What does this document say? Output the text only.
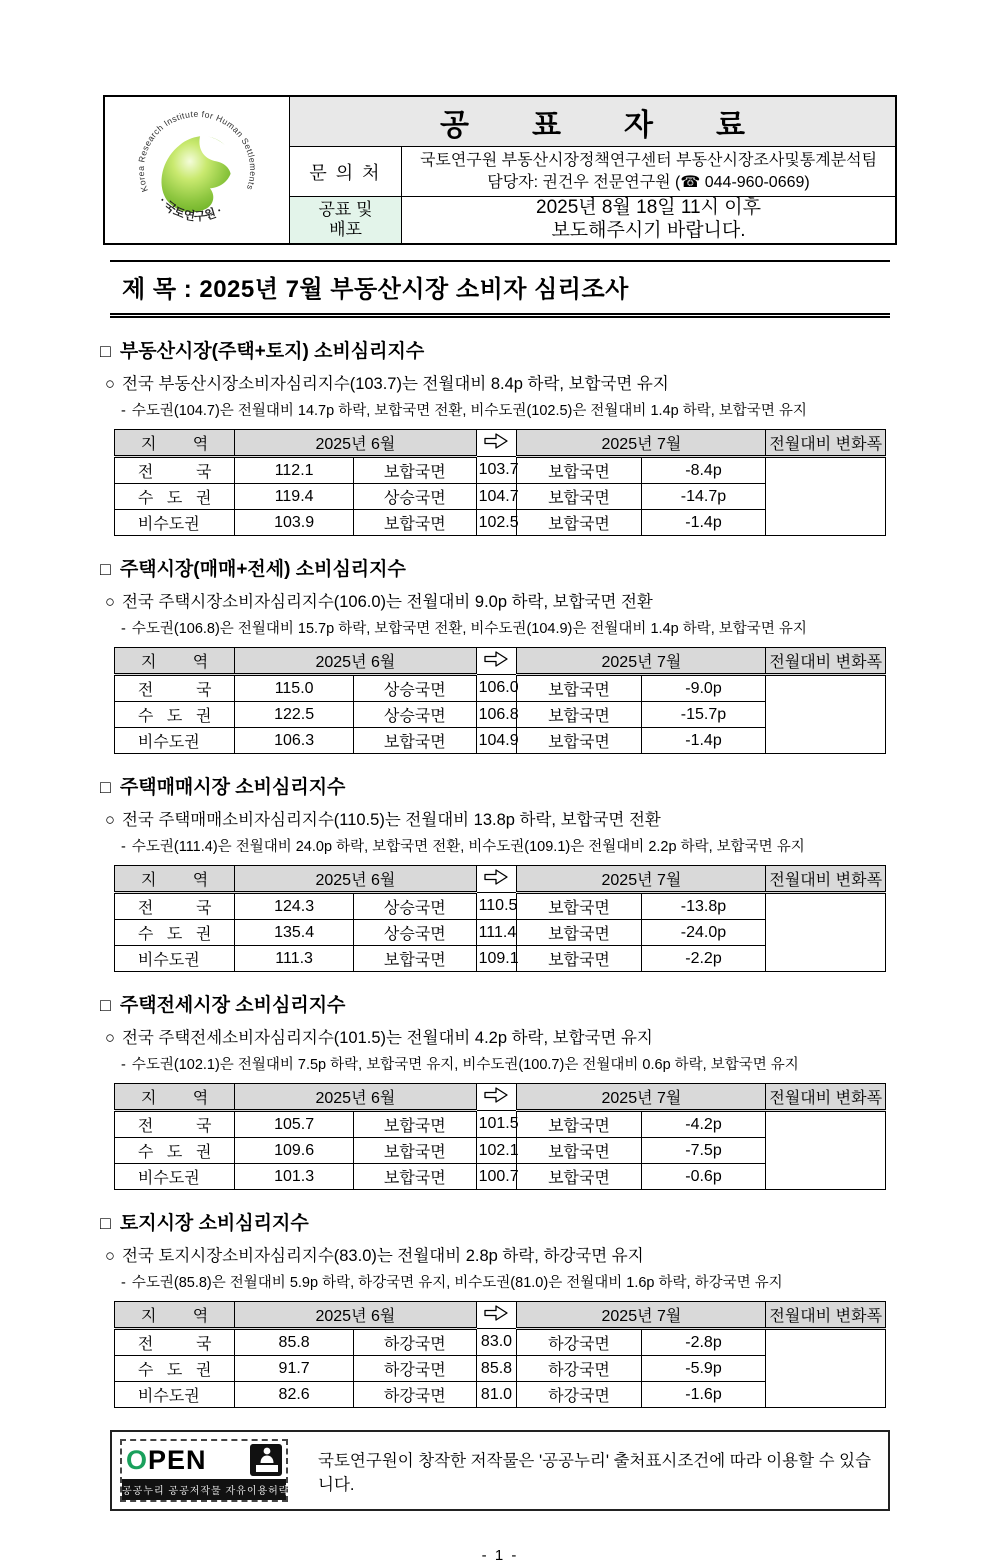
Korea Research Institute for Human Settlements
· 국토연구원 ·
공표자료
문 의 처
국토연구원 부동산시장정책연구센터 부동산시장조사및통계분석팀
담당자: 권건우 전문연구원 (☎ 044-960-0669)
공표 및
배포
2025년 8월 18일 11시 이후
보도해주시기 바랍니다.
제 목 : 2025년 7월 부동산시장 소비자 심리조사
□ 부동산시장(주택+토지) 소비심리지수
○ 전국 부동산시장소비자심리지수(103.7)는 전월대비 8.4p 하락, 보합국면 유지
- 수도권(104.7)은 전월대비 14.7p 하락, 보합국면 전환, 비수도권(102.5)은 전월대비 1.4p 하락, 보합국면 유지
지 역	2025년 6월			2025년 7월		전월대비 변화폭
전 국	112.1	보합국면	103.7	보합국면	-8.4p	
수 도 권	119.4	상승국면	104.7	보합국면	-14.7p	
비수도권	103.9	보합국면	102.5	보합국면	-1.4p	
□ 주택시장(매매+전세) 소비심리지수
○ 전국 주택시장소비자심리지수(106.0)는 전월대비 9.0p 하락, 보합국면 전환
- 수도권(106.8)은 전월대비 15.7p 하락, 보합국면 전환, 비수도권(104.9)은 전월대비 1.4p 하락, 보합국면 유지
지 역	2025년 6월			2025년 7월		전월대비 변화폭
전 국	115.0	상승국면	106.0	보합국면	-9.0p	
수 도 권	122.5	상승국면	106.8	보합국면	-15.7p	
비수도권	106.3	보합국면	104.9	보합국면	-1.4p	
□ 주택매매시장 소비심리지수
○ 전국 주택매매소비자심리지수(110.5)는 전월대비 13.8p 하락, 보합국면 전환
- 수도권(111.4)은 전월대비 24.0p 하락, 보합국면 전환, 비수도권(109.1)은 전월대비 2.2p 하락, 보합국면 유지
지 역	2025년 6월			2025년 7월		전월대비 변화폭
전 국	124.3	상승국면	110.5	보합국면	-13.8p	
수 도 권	135.4	상승국면	111.4	보합국면	-24.0p	
비수도권	111.3	보합국면	109.1	보합국면	-2.2p	
□ 주택전세시장 소비심리지수
○ 전국 주택전세소비자심리지수(101.5)는 전월대비 4.2p 하락, 보합국면 유지
- 수도권(102.1)은 전월대비 7.5p 하락, 보합국면 유지, 비수도권(100.7)은 전월대비 0.6p 하락, 보합국면 유지
지 역	2025년 6월			2025년 7월		전월대비 변화폭
전 국	105.7	보합국면	101.5	보합국면	-4.2p	
수 도 권	109.6	보합국면	102.1	보합국면	-7.5p	
비수도권	101.3	보합국면	100.7	보합국면	-0.6p	
□ 토지시장 소비심리지수
○ 전국 토지시장소비자심리지수(83.0)는 전월대비 2.8p 하락, 하강국면 유지
- 수도권(85.8)은 전월대비 5.9p 하락, 하강국면 유지, 비수도권(81.0)은 전월대비 1.6p 하락, 하강국면 유지
지 역	2025년 6월			2025년 7월		전월대비 변화폭
전 국	85.8	하강국면	83.0	하강국면	-2.8p	
수 도 권	91.7	하강국면	85.8	하강국면	-5.9p	
비수도권	82.6	하강국면	81.0	하강국면	-1.6p	
OPEN
공공누리 공공저작물 자유이용허락
국토연구원이 창작한 저작물은 '공공누리' 출처표시조건에 따라 이용할 수 있습니다.
- 1 -
